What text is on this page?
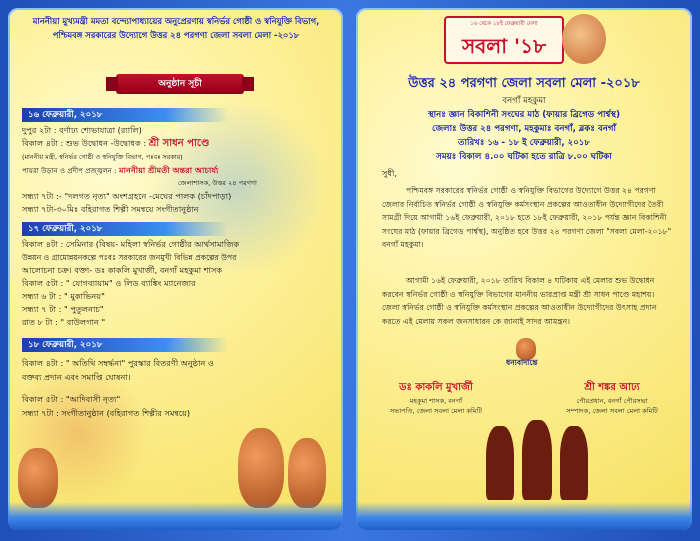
মাননীয়া মুখ্যমন্ত্রী মমতা বন্দ্যোপাধ্যায়ের অনুপ্রেরণায় স্বনির্ভর গোষ্ঠী ও স্বনিযুক্তি বিভাগ, পশ্চিমবঙ্গ সরকারের উদ্যোগে উত্তর ২৪ পরগণা জেলা সবলা মেলা -২০১৮
অনুষ্ঠান সূচী
১৬ ফেব্রুয়ারী, ২০১৮
দুপুর ২টা : বর্ণাঢ্য শোভাযাত্রা (র‍্যালি)
বিকাল ৪টা : শুভ উদ্বোধন -উদ্বোধক : শ্রী সাধন পাণ্ডে
(মাননীয় মন্ত্রী, স্বনির্ভর গোষ্ঠী ও স্বনিযুক্তি বিভাগ, পঃবঃ সরকার)
পায়রা উড়ান ও প্রদীপ প্রজ্জ্বলন : মাননীয়া শ্রীমতী অন্তরা আচার্য্য
জেলাশাসক, উত্তর ২৪ পরগণা
সন্ধ্যা ৭টা :- "দলগত নৃত্য" অংশগ্রহনে -মেঘের পালক (চাঁদপাড়া)
সন্ধ্যা ৭টা-৩০মিঃ বহিরাগত শিল্পী সমন্বয়ে সংগীতানুষ্ঠান
১৭ ফেব্রুয়ারী, ২০১৮
বিকাল ৪টা : সেমিনার (বিষয়- মহিলা স্বনির্ভর গোষ্ঠীর আর্থসামাজিক
উন্নয়ন ও গ্রামোন্নয়নকল্পে পঃবঃ সরকারের জনমুখী বিভিন্ন প্রকল্পের উপর
আলোচনা চক্র। বক্তা- ডঃ কাকলি মুখার্জী, বনগাঁ মহকুমা শাসক
বিকাল ৫টা : " যোগব্যায়াম" ও লিড ব্যাঙ্কিং ম্যানেজার
সন্ধ্যা ৬ টা : " মুকাভিনয়"
সন্ধ্যা ৭ টা : " পুতুলনাচ"
রাত ৮ টা : " বাউলগান "
১৮ ফেব্রুয়ারী, ২০১৮
বিকাল ৪টা : " অতিথি সম্বর্দ্ধনা" পুরস্কার বিতরণী অনুষ্ঠান ও
বক্তব্য প্রদান এবং সমাপ্তি ঘোষনা।
বিকাল ৫টা : "আদিবাসী নৃত্য"
সন্ধ্যা ৭টা : সংগীতানুষ্ঠান (বহিরাগত শিল্পীর সমন্বয়ে)
১৬ থেকে ১৮ই ফেব্রুয়ারী মেলা
সবলা '১৮
উত্তর ২৪ পরগণা জেলা সবলা মেলা -২০১৮
বনগাঁ মহকুমা
স্থানঃ জ্ঞান বিকাশিনী সংঘের মাঠ (ফায়ার ব্রিগেড পার্শ্বস্থ)
জেলাঃ উত্তর ২৪ পরগণা, মহকুমাঃ বনগাঁ, ব্লকঃ বনগাঁ
তারিখঃ ১৬ - ১৮ ই ফেব্রুয়ারী, ২০১৮
সময়ঃ বিকাল ৪.০০ ঘটিকা হতে রাত্রি ৮.০০ ঘটিকা
সুধী,
পশ্চিমবঙ্গ সরকারের স্বনির্ভর গোষ্ঠী ও স্বনিযুক্তি বিভাগের উদ্যোগে উত্তর ২৪ পরগণা জেলার নির্বাচিত স্বনির্ভর গোষ্ঠী ও স্বনিযুক্তি কর্মসংস্থান প্রকল্পের আওতাধীন উদ্যোগীদের তৈরী সামগ্রী দিয়ে আগামী ১৬ই ফেব্রুয়ারী, ২০১৮ হতে ১৮ই ফেব্রুয়ারী, ২০১৮ পর্যন্ত জ্ঞান বিকাশিনী সংঘের মাঠ (ফায়ার ব্রিগেড পার্শ্বস্থ), অনুষ্ঠিত হবে উত্তর ২৪ পরগণা জেলা "সবলা মেলা-২০১৮" বনগাঁ মহকুমা।
আগামী ১৬ই ফেব্রুয়ারী, ২০১৮ তারিখ বিকাল ৪ ঘটিকায় এই মেলার শুভ উদ্বোধন করবেন স্বনির্ভর গোষ্ঠী ও স্বনিযুক্তি বিভাগের মাননীয় ভারপ্রাপ্ত মন্ত্রী শ্রী সাধন পাণ্ডে মহাশয়। জেলা স্বনির্ভর গোষ্ঠী ও স্বনিযুক্তি কর্মসংস্থান প্রকল্পের আওতাধীন উদ্যোগীদের উৎসাহ প্রদান করতে এই মেলায় সকল জনসাধারন কে জানাই সাদর আমন্ত্রন।
ধন্যবাদান্তে
ডঃ কাকলি মুখার্জী
মহকুমা শাসক, বনগাঁ
সভাপতি, জেলা সবলা মেলা কমিটি
শ্রী শঙ্কর আঢ্য
পৌরপ্রধান, বনগাঁ পৌরসভা
সম্পাদক, জেলা সবলা মেলা কমিটি
